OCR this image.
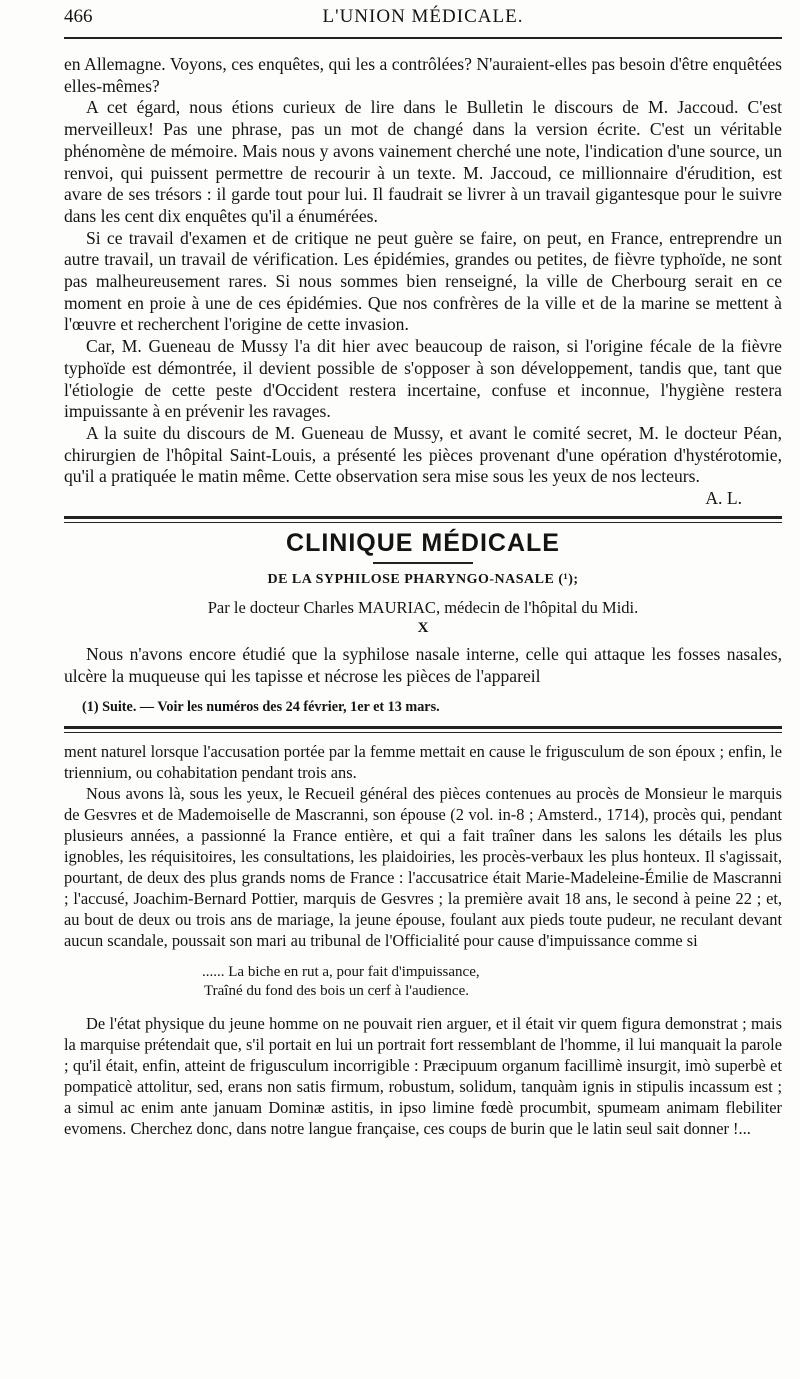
466	L'UNION MÉDICALE.

en Allemagne. Voyons, ces enquêtes, qui les a contrôlées? N'auraient-elles pas besoin d'être enquêtées elles-mêmes?

A cet égard, nous étions curieux de lire dans le Bulletin le discours de M. Jaccoud. C'est merveilleux! Pas une phrase, pas un mot de changé dans la version écrite. C'est un véritable phénomène de mémoire. Mais nous y avons vainement cherché une note, l'indication d'une source, un renvoi, qui puissent permettre de recourir à un texte. M. Jaccoud, ce millionnaire d'érudition, est avare de ses trésors : il garde tout pour lui. Il faudrait se livrer à un travail gigantesque pour le suivre dans les cent dix enquêtes qu'il a énumérées.

Si ce travail d'examen et de critique ne peut guère se faire, on peut, en France, entreprendre un autre travail, un travail de vérification. Les épidémies, grandes ou petites, de fièvre typhoïde, ne sont pas malheureusement rares. Si nous sommes bien renseigné, la ville de Cherbourg serait en ce moment en proie à une de ces épidémies. Que nos confrères de la ville et de la marine se mettent à l'œuvre et recherchent l'origine de cette invasion.

Car, M. Gueneau de Mussy l'a dit hier avec beaucoup de raison, si l'origine fécale de la fièvre typhoïde est démontrée, il devient possible de s'opposer à son développement, tandis que, tant que l'étiologie de cette peste d'Occident restera incertaine, confuse et inconnue, l'hygiène restera impuissante à en prévenir les ravages.

A la suite du discours de M. Gueneau de Mussy, et avant le comité secret, M. le docteur Péan, chirurgien de l'hôpital Saint-Louis, a présenté les pièces provenant d'une opération d'hystérotomie, qu'il a pratiquée le matin même. Cette observation sera mise sous les yeux de nos lecteurs.

A. L.
CLINIQUE MÉDICALE
DE LA SYPHILOSE PHARYNGO-NASALE (¹);
Par le docteur Charles MAURIAC, médecin de l'hôpital du Midi.
X

Nous n'avons encore étudié que la syphilose nasale interne, celle qui attaque les fosses nasales, ulcère la muqueuse qui les tapisse et nécrose les pièces de l'appareil

(1) Suite. — Voir les numéros des 24 février, 1er et 13 mars.

ment naturel lorsque l'accusation portée par la femme mettait en cause le frigusculum de son époux ; enfin, le triennium, ou cohabitation pendant trois ans.

Nous avons là, sous les yeux, le Recueil général des pièces contenues au procès de Monsieur le marquis de Gesvres et de Mademoiselle de Mascranni, son épouse (2 vol. in-8 ; Amsterd., 1714), procès qui, pendant plusieurs années, a passionné la France entière, et qui a fait traîner dans les salons les détails les plus ignobles, les réquisitoires, les consultations, les plaidoiries, les procès-verbaux les plus honteux. Il s'agissait, pourtant, de deux des plus grands noms de France : l'accusatrice était Marie-Madeleine-Émilie de Mascranni ; l'accusé, Joachim-Bernard Pottier, marquis de Gesvres ; la première avait 18 ans, le second à peine 22 ; et, au bout de deux ou trois ans de mariage, la jeune épouse, foulant aux pieds toute pudeur, ne reculant devant aucun scandale, poussait son mari au tribunal de l'Officialité pour cause d'impuissance comme si

...... La biche en rut a, pour fait d'impuissance,
Traîné du fond des bois un cerf à l'audience.

De l'état physique du jeune homme on ne pouvait rien arguer, et il était vir quem figura demonstrat ; mais la marquise prétendait que, s'il portait en lui un portrait fort ressemblant de l'homme, il lui manquait la parole ; qu'il était, enfin, atteint de frigusculum incorrigible : Præcipuum organum facillimè insurgit, imò superbè et pompaticè attolitur, sed, erans non satis firmum, robustum, solidum, tanquàm ignis in stipulis incassum est ; a simul ac enim ante januam Dominæ astitis, in ipso limine fœdè procumbit, spumeam animam flebiliter evomens. Cherchez donc, dans notre langue française, ces coups de burin que le latin seul sait donner !...
